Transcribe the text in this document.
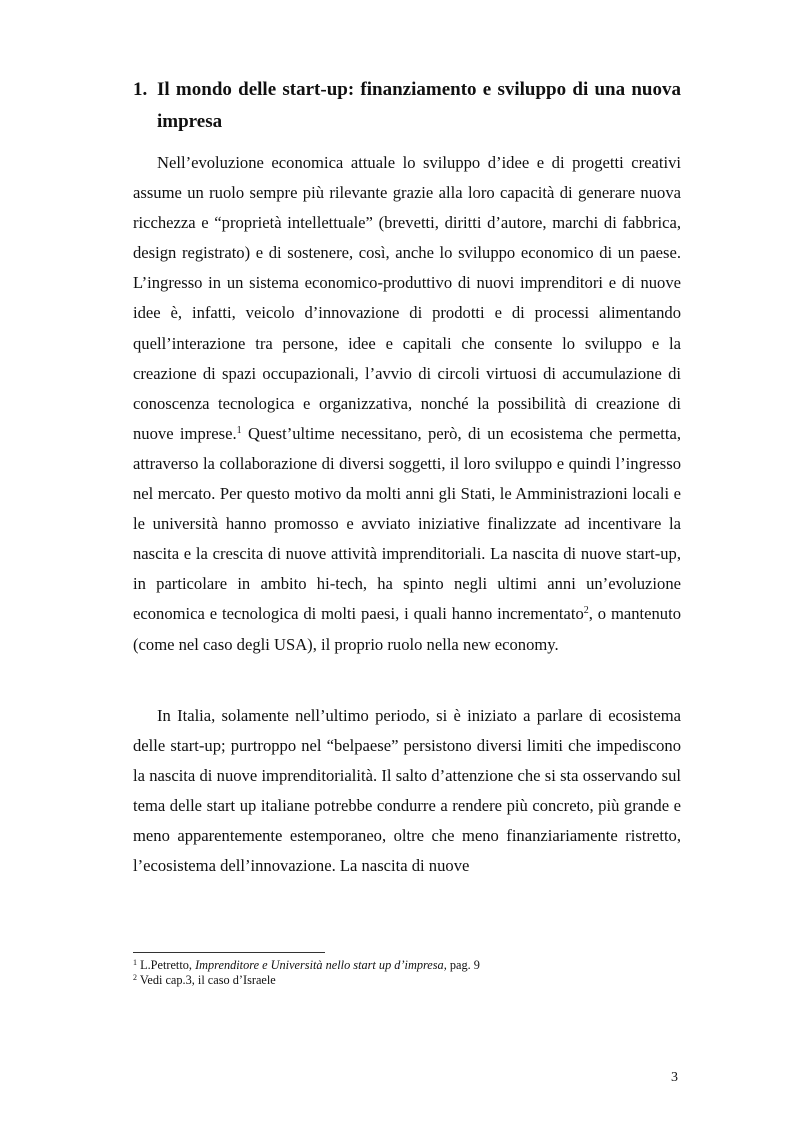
1. Il mondo delle start-up: finanziamento e sviluppo di una nuova impresa

Nell’evoluzione economica attuale lo sviluppo d’idee e di progetti creativi assume un ruolo sempre più rilevante grazie alla loro capacità di generare nuova ricchezza e “proprietà intellettuale” (brevetti, diritti d’autore, marchi di fabbrica, design registrato) e di sostenere, così, anche lo sviluppo economico di un paese. L’ingresso in un sistema economico-produttivo di nuovi imprenditori e di nuove idee è, infatti, veicolo d’innovazione di prodotti e di processi alimentando quell’interazione tra persone, idee e capitali che consente lo sviluppo e la creazione di spazi occupazionali, l’avvio di circoli virtuosi di accumulazione di conoscenza tecnologica e organizzativa, nonché la possibilità di creazione di nuove imprese.$^1$ Quest’ultime necessitano, però, di un ecosistema che permetta, attraverso la collaborazione di diversi soggetti, il loro sviluppo e quindi l’ingresso nel mercato. Per questo motivo da molti anni gli Stati, le Amministrazioni locali e le università hanno promosso e avviato iniziative finalizzate ad incentivare la nascita e la crescita di nuove attività imprenditoriali. La nascita di nuove start-up, in particolare in ambito hi-tech, ha spinto negli ultimi anni un’evoluzione economica e tecnologica di molti paesi, i quali hanno incrementato$^2$, o mantenuto (come nel caso degli USA), il proprio ruolo nella new economy.

In Italia, solamente nell’ultimo periodo, si è iniziato a parlare di ecosistema delle start-up; purtroppo nel “belpaese” persistono diversi limiti che impediscono la nascita di nuove imprenditorialità. Il salto d’attenzione che si sta osservando sul tema delle start up italiane potrebbe condurre a rendere più concreto, più grande e meno apparentemente estemporaneo, oltre che meno finanziariamente ristretto, l’ecosistema dell’innovazione. La nascita di nuove

$^1$ L.Petretto, Imprenditore e Università nello start up d’impresa, pag. 9

$^2$ Vedi cap.3, il caso d’Israele

3
